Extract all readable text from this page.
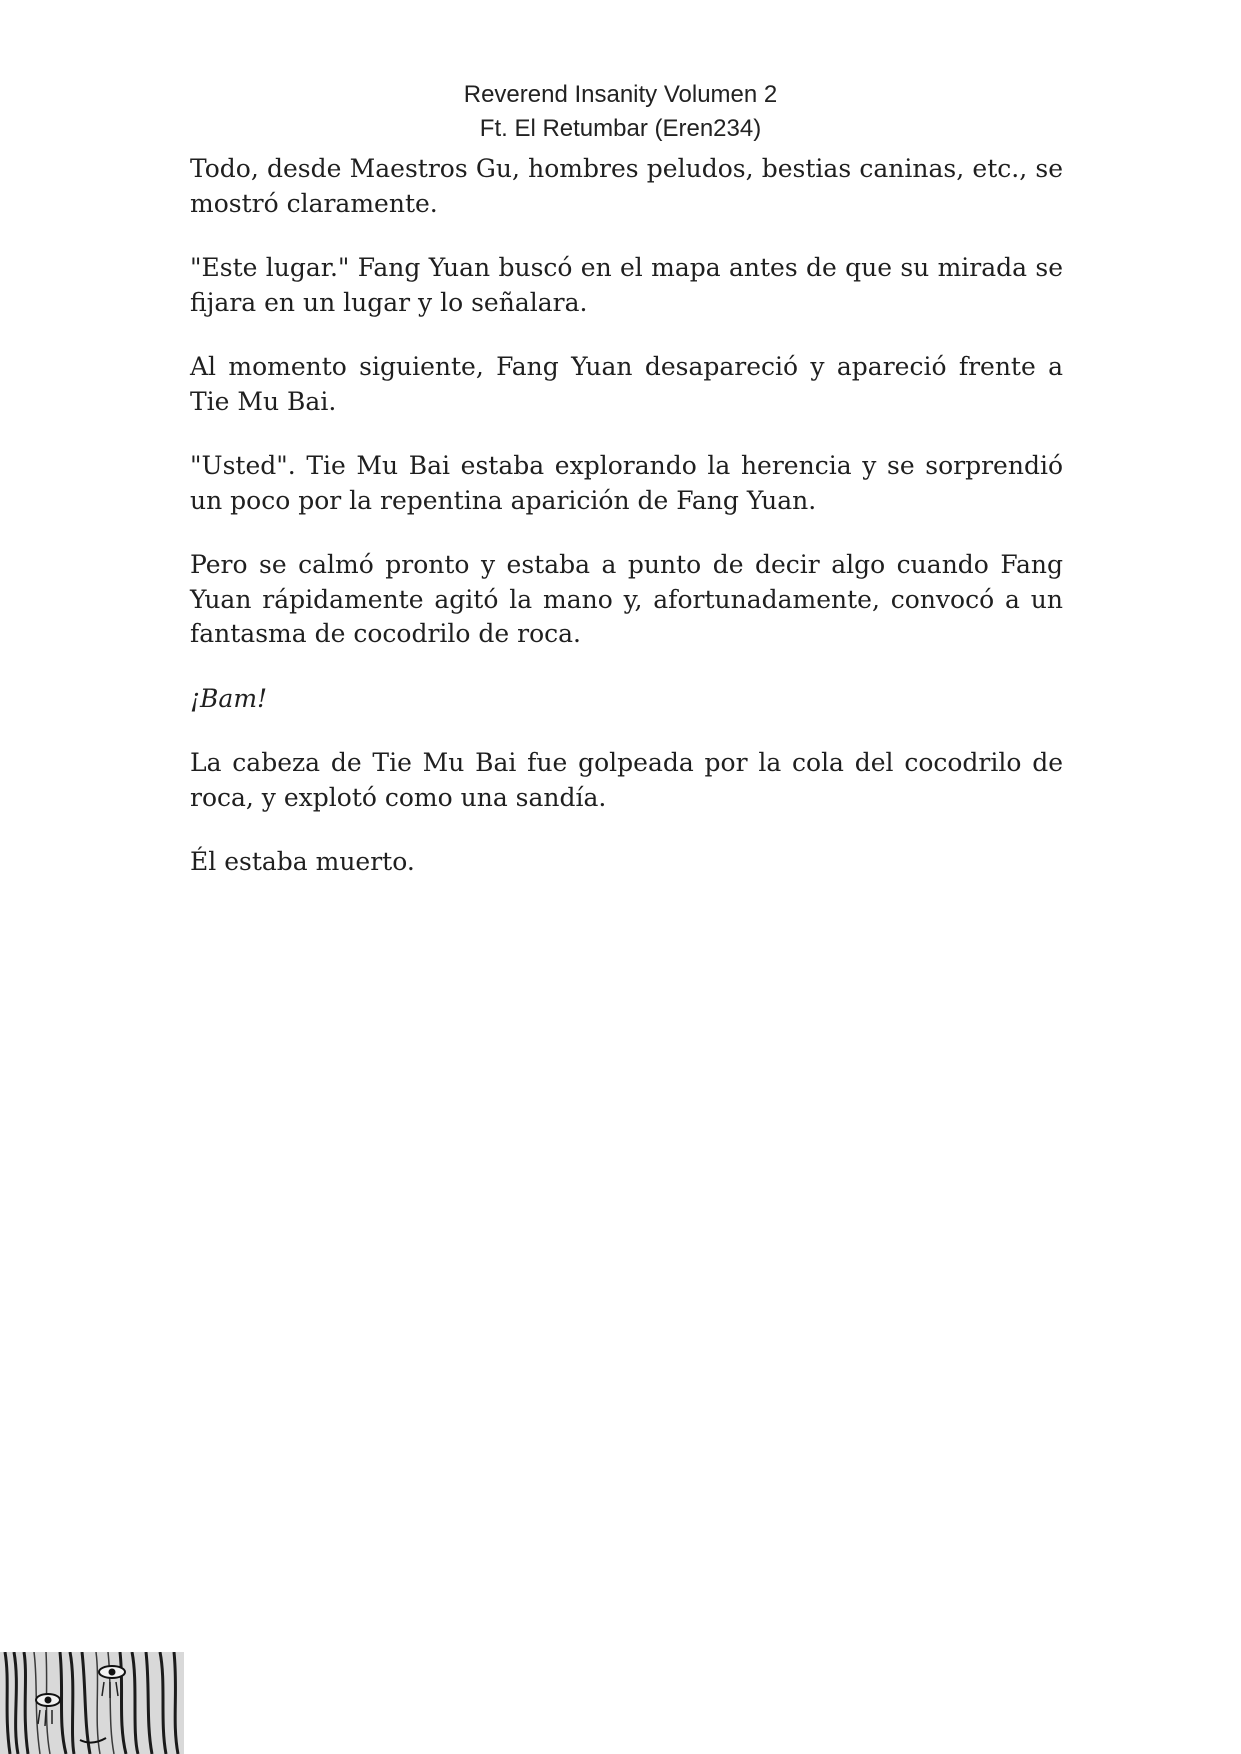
Reverend Insanity Volumen 2
Ft. El Retumbar (Eren234)

Todo, desde Maestros Gu, hombres peludos, bestias caninas, etc., se mostró claramente.

"Este lugar." Fang Yuan buscó en el mapa antes de que su mirada se fijara en un lugar y lo señalara.

Al momento siguiente, Fang Yuan desapareció y apareció frente a Tie Mu Bai.

"Usted". Tie Mu Bai estaba explorando la herencia y se sorprendió un poco por la repentina aparición de Fang Yuan.

Pero se calmó pronto y estaba a punto de decir algo cuando Fang Yuan rápidamente agitó la mano y, afortunadamente, convocó a un fantasma de cocodrilo de roca.

¡Bam!

La cabeza de Tie Mu Bai fue golpeada por la cola del cocodrilo de roca, y explotó como una sandía.

Él estaba muerto.
